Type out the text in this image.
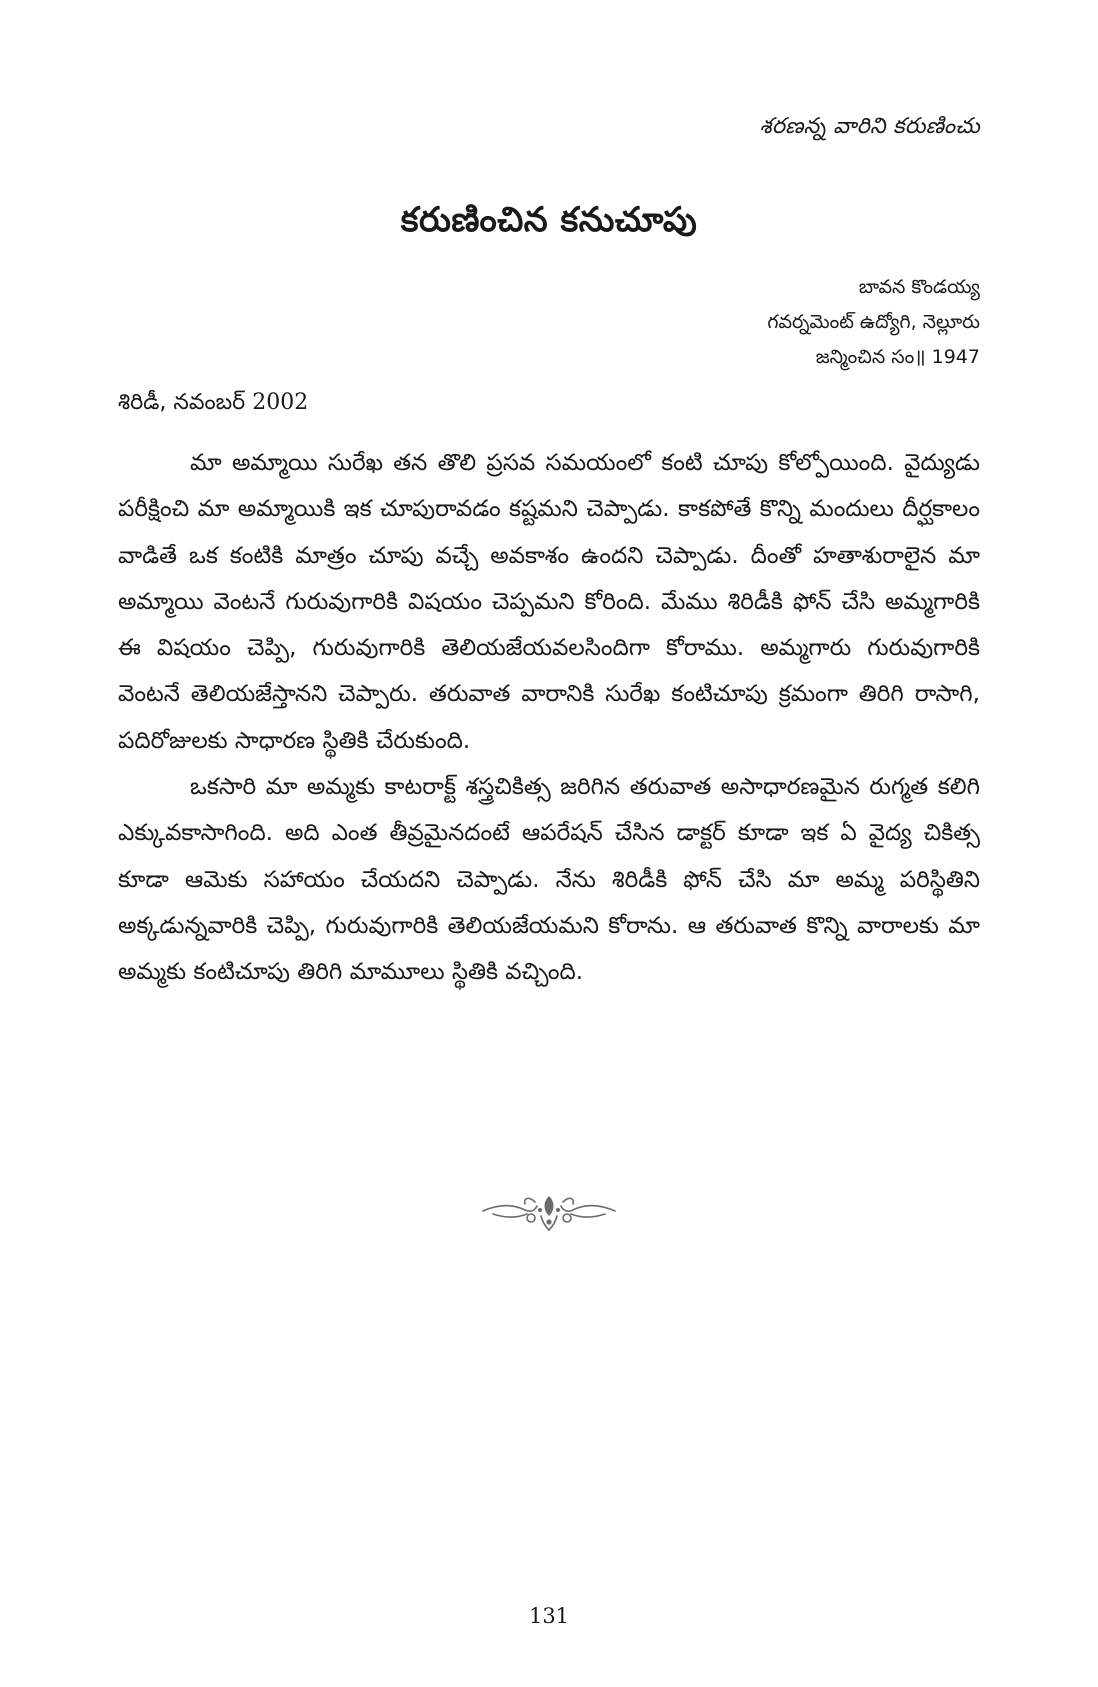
శరణన్న వారిని కరుణించు
కరుణించిన కనుచూపు
బావన కొండయ్య
గవర్నమెంట్ ఉద్యోగి, నెల్లూరు
జన్మించిన సం॥ 1947
శిరిడీ, నవంబర్ 2002

మా అమ్మాయి సురేఖ తన తొలి ప్రసవ సమయంలో కంటి చూపు కోల్పోయింది. వైద్యుడు పరీక్షించి మా అమ్మాయికి ఇక చూపురావడం కష్టమని చెప్పాడు. కాకపోతే కొన్ని మందులు దీర్ఘకాలం వాడితే ఒక కంటికి మాత్రం చూపు వచ్చే అవకాశం ఉందని చెప్పాడు. దీంతో హతాశురాలైన మా అమ్మాయి వెంటనే గురువుగారికి విషయం చెప్పమని కోరింది. మేము శిరిడీకి ఫోన్ చేసి అమ్మగారికి ఈ విషయం చెప్పి, గురువుగారికి తెలియజేయవలసిందిగా కోరాము. అమ్మగారు గురువుగారికి వెంటనే తెలియజేస్తానని చెప్పారు. తరువాత వారానికి సురేఖ కంటిచూపు క్రమంగా తిరిగి రాసాగి, పదిరోజులకు సాధారణ స్థితికి చేరుకుంది.

ఒకసారి మా అమ్మకు కాటరాక్ట్ శస్త్రచికిత్స జరిగిన తరువాత అసాధారణమైన రుగ్మత కలిగి ఎక్కువకాసాగింది. అది ఎంత తీవ్రమైనదంటే ఆపరేషన్ చేసిన డాక్టర్ కూడా ఇక ఏ వైద్య చికిత్స కూడా ఆమెకు సహాయం చేయదని చెప్పాడు. నేను శిరిడీకి ఫోన్ చేసి మా అమ్మ పరిస్థితిని అక్కడున్నవారికి చెప్పి, గురువుగారికి తెలియజేయమని కోరాను. ఆ తరువాత కొన్ని వారాలకు మా అమ్మకు కంటిచూపు తిరిగి మామూలు స్థితికి వచ్చింది.

131
